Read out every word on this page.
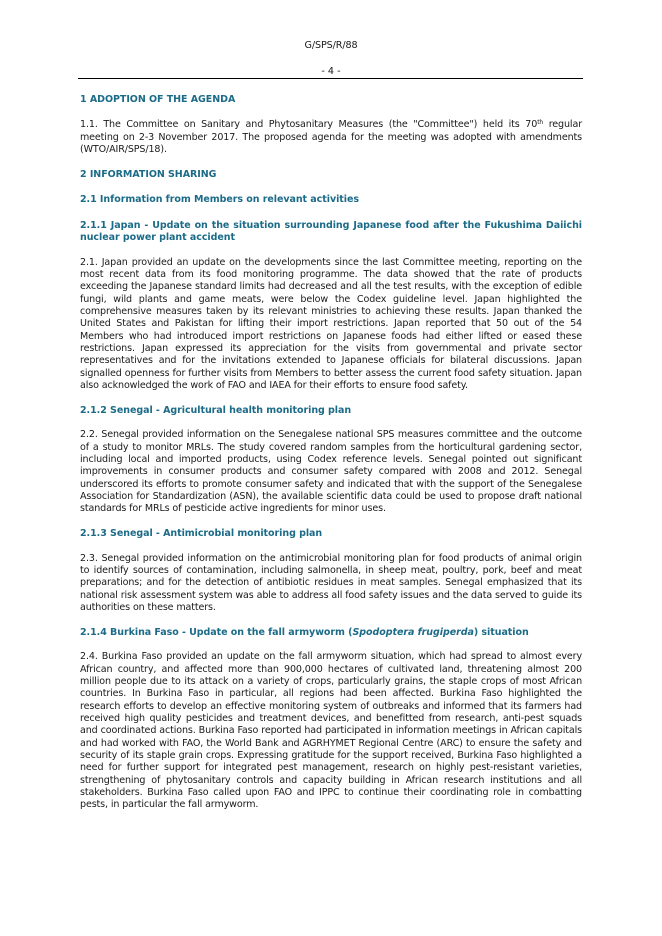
G/SPS/R/88
- 4 -
1 ADOPTION OF THE AGENDA

1.1. The Committee on Sanitary and Phytosanitary Measures (the "Committee") held its 70th regular meeting on 2-3 November 2017. The proposed agenda for the meeting was adopted with amendments (WTO/AIR/SPS/18).

2 INFORMATION SHARING
2.1 Information from Members on relevant activities
2.1.1 Japan - Update on the situation surrounding Japanese food after the Fukushima Daiichi nuclear power plant accident

2.1. Japan provided an update on the developments since the last Committee meeting, reporting on the most recent data from its food monitoring programme. The data showed that the rate of products exceeding the Japanese standard limits had decreased and all the test results, with the exception of edible fungi, wild plants and game meats, were below the Codex guideline level. Japan highlighted the comprehensive measures taken by its relevant ministries to achieving these results. Japan thanked the United States and Pakistan for lifting their import restrictions. Japan reported that 50 out of the 54 Members who had introduced import restrictions on Japanese foods had either lifted or eased these restrictions. Japan expressed its appreciation for the visits from governmental and private sector representatives and for the invitations extended to Japanese officials for bilateral discussions. Japan signalled openness for further visits from Members to better assess the current food safety situation. Japan also acknowledged the work of FAO and IAEA for their efforts to ensure food safety.

2.1.2 Senegal - Agricultural health monitoring plan

2.2. Senegal provided information on the Senegalese national SPS measures committee and the outcome of a study to monitor MRLs. The study covered random samples from the horticultural gardening sector, including local and imported products, using Codex reference levels. Senegal pointed out significant improvements in consumer products and consumer safety compared with 2008 and 2012. Senegal underscored its efforts to promote consumer safety and indicated that with the support of the Senegalese Association for Standardization (ASN), the available scientific data could be used to propose draft national standards for MRLs of pesticide active ingredients for minor uses.

2.1.3 Senegal - Antimicrobial monitoring plan

2.3. Senegal provided information on the antimicrobial monitoring plan for food products of animal origin to identify sources of contamination, including salmonella, in sheep meat, poultry, pork, beef and meat preparations; and for the detection of antibiotic residues in meat samples. Senegal emphasized that its national risk assessment system was able to address all food safety issues and the data served to guide its authorities on these matters.

2.1.4 Burkina Faso - Update on the fall armyworm (Spodoptera frugiperda) situation

2.4. Burkina Faso provided an update on the fall armyworm situation, which had spread to almost every African country, and affected more than 900,000 hectares of cultivated land, threatening almost 200 million people due to its attack on a variety of crops, particularly grains, the staple crops of most African countries. In Burkina Faso in particular, all regions had been affected. Burkina Faso highlighted the research efforts to develop an effective monitoring system of outbreaks and informed that its farmers had received high quality pesticides and treatment devices, and benefitted from research, anti-pest squads and coordinated actions. Burkina Faso reported had participated in information meetings in African capitals and had worked with FAO, the World Bank and AGRHYMET Regional Centre (ARC) to ensure the safety and security of its staple grain crops. Expressing gratitude for the support received, Burkina Faso highlighted a need for further support for integrated pest management, research on highly pest-resistant varieties, strengthening of phytosanitary controls and capacity building in African research institutions and all stakeholders. Burkina Faso called upon FAO and IPPC to continue their coordinating role in combatting pests, in particular the fall armyworm.
